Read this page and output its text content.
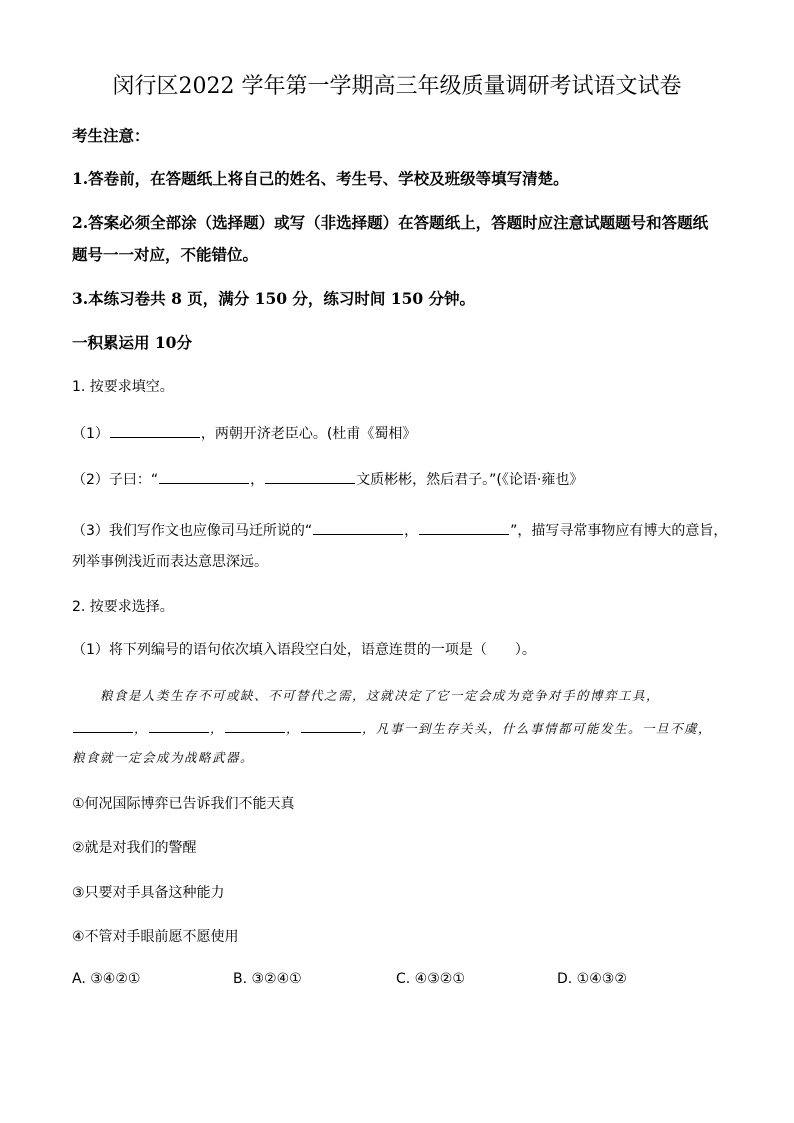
闵行区2022 学年第一学期高三年级质量调研考试语文试卷
考生注意：
1.答卷前，在答题纸上将自己的姓名、考生号、学校及班级等填写清楚。
2.答案必须全部涂（选择题）或写（非选择题）在答题纸上，答题时应注意试题题号和答题纸
题号一一对应，不能错位。
3.本练习卷共 8 页，满分 150 分，练习时间 150 分钟。
一积累运用 10分
1. 按要求填空。
（1）	，两朝开济老臣心。(杜甫《蜀相》
（2）子曰：“	，	文质彬彬，然后君子。”(《论语·雍也》
（3）我们写作文也应像司马迁所说的“	，	”，描写寻常事物应有博大的意旨，
列举事例浅近而表达意思深远。
2. 按要求选择。
（1）将下列编号的语句依次填入语段空白处，语意连贯的一项是（　　）。
粮食是人类生存不可或缺、不可替代之需，这就决定了它一定会成为竞争对手的博弈工具，
，	，	，	，凡事一到生存关头，什么事情都可能发生。一旦不虞，
粮食就一定会成为战略武器。
①何况国际博弈已告诉我们不能天真
②就是对我们的警醒
③只要对手具备这种能力
④不管对手眼前愿不愿使用
A. ③④②①	B. ③②④①	C. ④③②①	D. ①④③②
